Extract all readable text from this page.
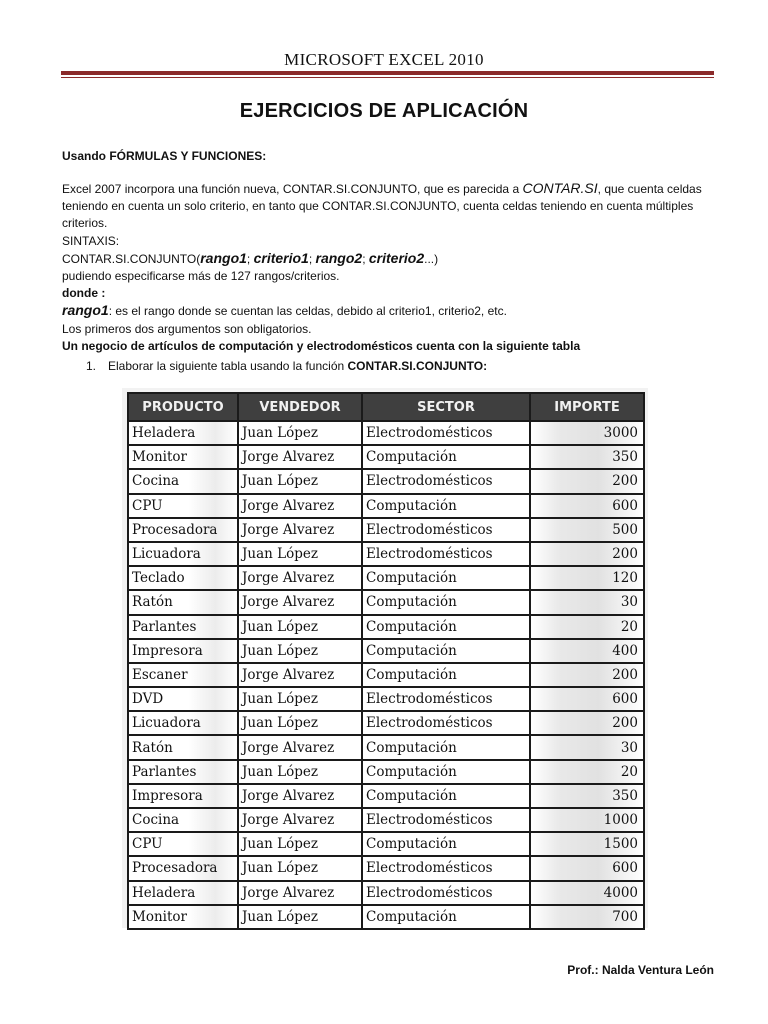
MICROSOFT EXCEL 2010
EJERCICIOS DE APLICACIÓN
Usando FÓRMULAS Y FUNCIONES:
Excel 2007 incorpora una función nueva, CONTAR.SI.CONJUNTO, que es parecida a CONTAR.SI, que cuenta celdas teniendo en cuenta un solo criterio, en tanto que CONTAR.SI.CONJUNTO, cuenta celdas teniendo en cuenta múltiples criterios.
SINTAXIS:
CONTAR.SI.CONJUNTO(rango1; criterio1; rango2; criterio2...)
pudiendo especificarse más de 127 rangos/criterios.
donde :
rango1: es el rango donde se cuentan las celdas, debido al criterio1, criterio2, etc.
Los primeros dos argumentos son obligatorios.
Un negocio de artículos de computación y electrodomésticos cuenta con la siguiente tabla
1. Elaborar la siguiente tabla usando la función CONTAR.SI.CONJUNTO:
PRODUCTO	VENDEDOR	SECTOR	IMPORTE
Heladera	Juan López	Electrodomésticos	3000
Monitor	Jorge Alvarez	Computación	350
Cocina	Juan López	Electrodomésticos	200
CPU	Jorge Alvarez	Computación	600
Procesadora	Jorge Alvarez	Electrodomésticos	500
Licuadora	Juan López	Electrodomésticos	200
Teclado	Jorge Alvarez	Computación	120
Ratón	Jorge Alvarez	Computación	30
Parlantes	Juan López	Computación	20
Impresora	Juan López	Computación	400
Escaner	Jorge Alvarez	Computación	200
DVD	Juan López	Electrodomésticos	600
Licuadora	Juan López	Electrodomésticos	200
Ratón	Jorge Alvarez	Computación	30
Parlantes	Juan López	Computación	20
Impresora	Jorge Alvarez	Computación	350
Cocina	Jorge Alvarez	Electrodomésticos	1000
CPU	Juan López	Computación	1500
Procesadora	Juan López	Electrodomésticos	600
Heladera	Jorge Alvarez	Electrodomésticos	4000
Monitor	Juan López	Computación	700
Prof.: Nalda Ventura León
